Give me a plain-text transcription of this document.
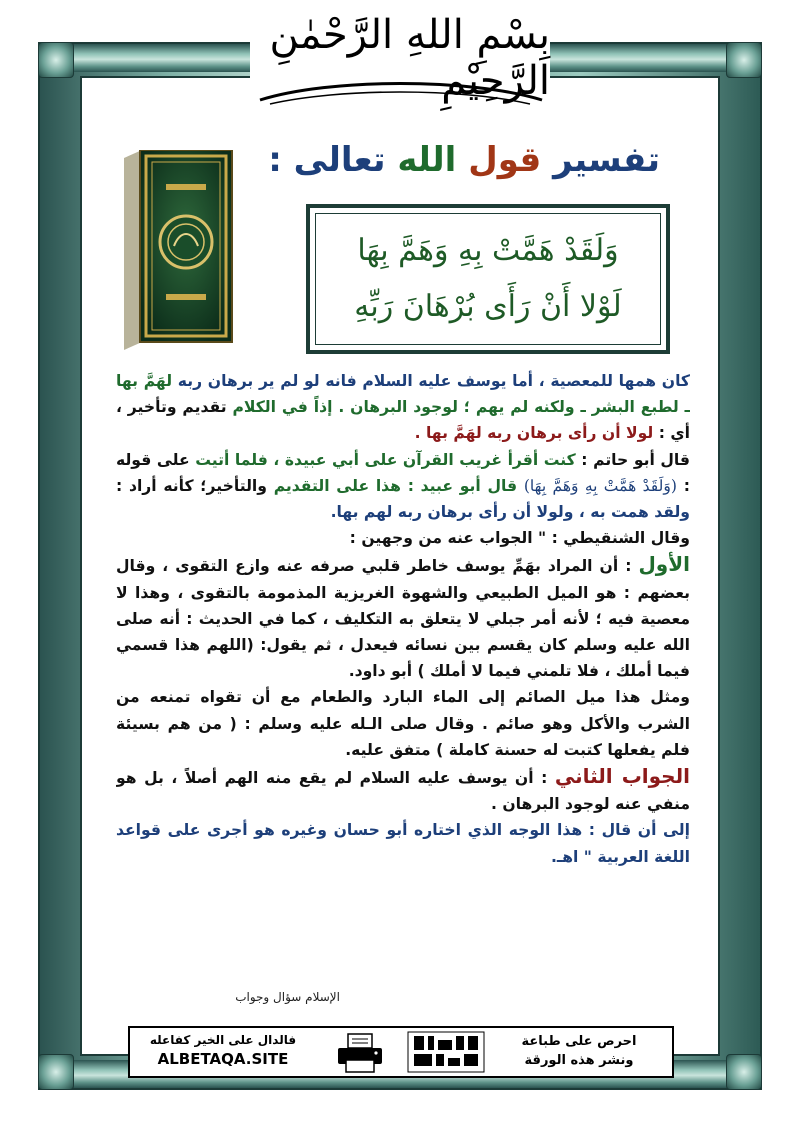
بِسْمِ اللهِ الرَّحْمٰنِ الرَّحِيْمِ
تفسير قول الله تعالى :
وَلَقَدْ هَمَّتْ بِهِ وَهَمَّ بِهَا
لَوْلا أَنْ رَأَى بُرْهَانَ رَبِّهِ

كان همها للمعصية ، أما يوسف عليه السلام فانه لو لم ير برهان ربه لهَمَّ بها ـ لطبع البشر ـ ولكنه لم يهم ؛ لوجود البرهان . إذاً في الكلام تقديم وتأخير ، أي : لولا أن رأى برهان ربه لهَمَّ بها .

قال أبو حاتم : كنت أقرأ غريب القرآن على أبي عبيدة ، فلما أتيت على قوله : (وَلَقَدْ هَمَّتْ بِهِ وَهَمَّ بِهَا) قال أبو عبيد : هذا على التقديم والتأخير؛ كأنه أراد : ولقد همت به ، ولولا أن رأى برهان ربه لهم بها.

وقال الشنقيطي : " الجواب عنه من وجهين :

الأول : أن المراد بهَمِّ يوسف خاطر قلبي صرفه عنه وازع التقوى ، وقال بعضهم : هو الميل الطبيعي والشهوة الغريزية المذمومة بالتقوى ، وهذا لا معصية فيه ؛ لأنه أمر جبلي لا يتعلق به التكليف ، كما في الحديث : أنه صلى الله عليه وسلم كان يقسم بين نسائه فيعدل ، ثم يقول: (اللهم هذا قسمي فيما أملك ، فلا تلمني فيما لا أملك ) أبو داود.

ومثل هذا ميل الصائم إلى الماء البارد والطعام مع أن تقواه تمنعه من الشرب والأكل وهو صائم . وقال صلى الـله عليه وسلم : ( من هم بسيئة فلم يفعلها كتبت له حسنة كاملة ) متفق عليه.

الجواب الثاني : أن يوسف عليه السلام لم يقع منه الهم أصلاً ، بل هو منفي عنه لوجود البرهان .

إلى أن قال : هذا الوجه الذي اختاره أبو حسان وغيره هو أجرى على قواعد اللغة العربية " اهـ.

الإسلام سؤال وجواب
فالدال على الخير كفاعله
ALBETAQA.SITE
احرص على طباعة
ونشر هذه الورقة
